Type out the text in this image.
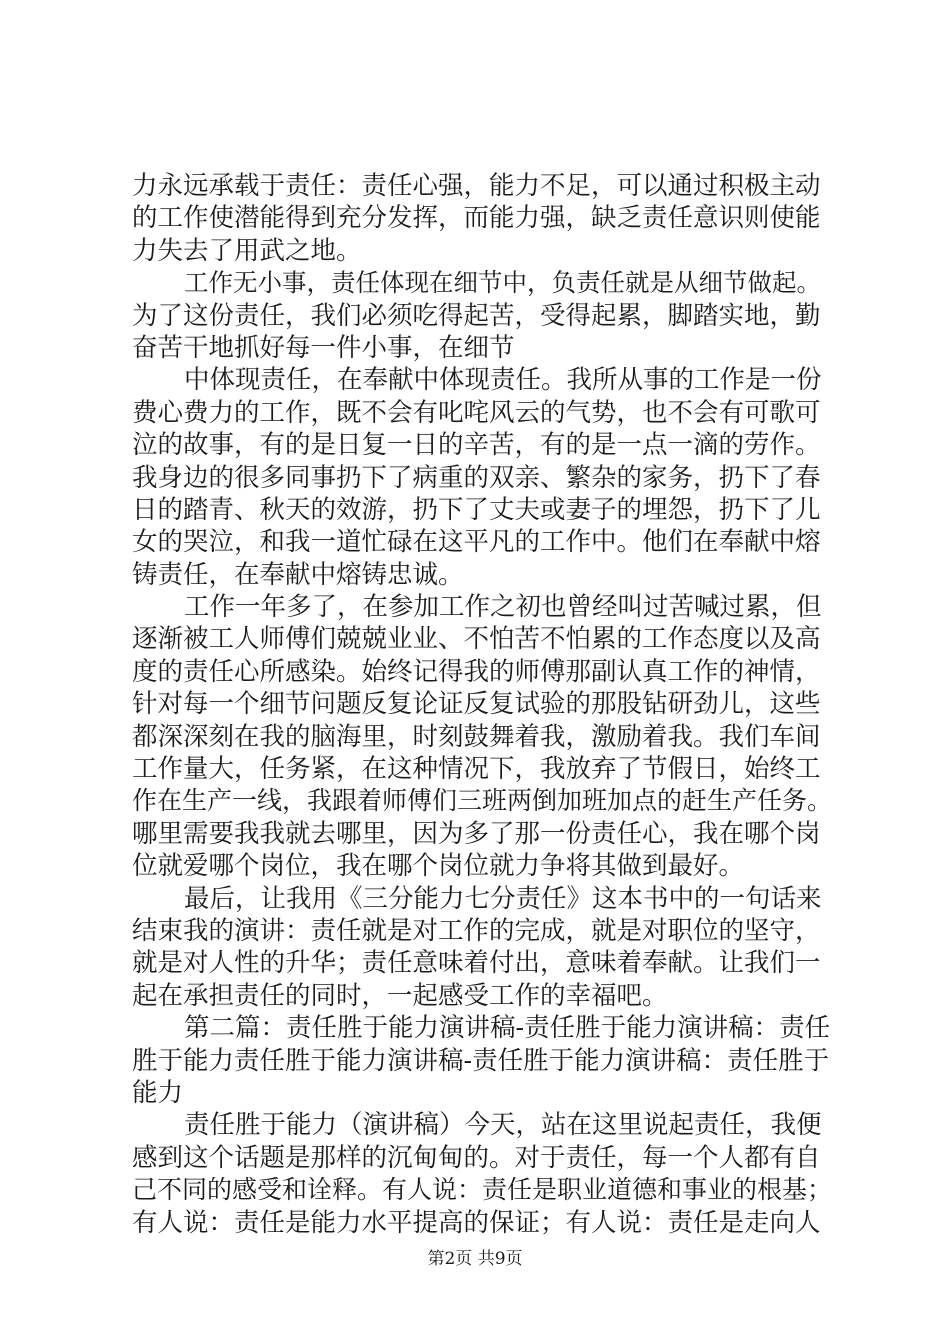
力永远承载于责任：责任心强，能力不足，可以通过积极主动
的工作使潜能得到充分发挥，而能力强，缺乏责任意识则使能
力失去了用武之地。
工作无小事，责任体现在细节中，负责任就是从细节做起。
为了这份责任，我们必须吃得起苦，受得起累，脚踏实地，勤
奋苦干地抓好每一件小事，在细节
中体现责任，在奉献中体现责任。我所从事的工作是一份
费心费力的工作，既不会有叱咤风云的气势，也不会有可歌可
泣的故事，有的是日复一日的辛苦，有的是一点一滴的劳作。
我身边的很多同事扔下了病重的双亲、繁杂的家务，扔下了春
日的踏青、秋天的效游，扔下了丈夫或妻子的埋怨，扔下了儿
女的哭泣，和我一道忙碌在这平凡的工作中。他们在奉献中熔
铸责任，在奉献中熔铸忠诚。
工作一年多了，在参加工作之初也曾经叫过苦喊过累，但
逐渐被工人师傅们兢兢业业、不怕苦不怕累的工作态度以及高
度的责任心所感染。始终记得我的师傅那副认真工作的神情，
针对每一个细节问题反复论证反复试验的那股钻研劲儿，这些
都深深刻在我的脑海里，时刻鼓舞着我，激励着我。我们车间
工作量大，任务紧，在这种情况下，我放弃了节假日，始终工
作在生产一线，我跟着师傅们三班两倒加班加点的赶生产任务。
哪里需要我我就去哪里，因为多了那一份责任心，我在哪个岗
位就爱哪个岗位，我在哪个岗位就力争将其做到最好。
最后，让我用《三分能力七分责任》这本书中的一句话来
结束我的演讲：责任就是对工作的完成，就是对职位的坚守，
就是对人性的升华；责任意味着付出，意味着奉献。让我们一
起在承担责任的同时，一起感受工作的幸福吧。
第二篇：责任胜于能力演讲稿-责任胜于能力演讲稿：责任
胜于能力责任胜于能力演讲稿-责任胜于能力演讲稿：责任胜于
能力
责任胜于能力（演讲稿）今天，站在这里说起责任，我便
感到这个话题是那样的沉甸甸的。对于责任，每一个人都有自
己不同的感受和诠释。有人说：责任是职业道德和事业的根基；
有人说：责任是能力水平提高的保证；有人说：责任是走向人
第2页 共9页
